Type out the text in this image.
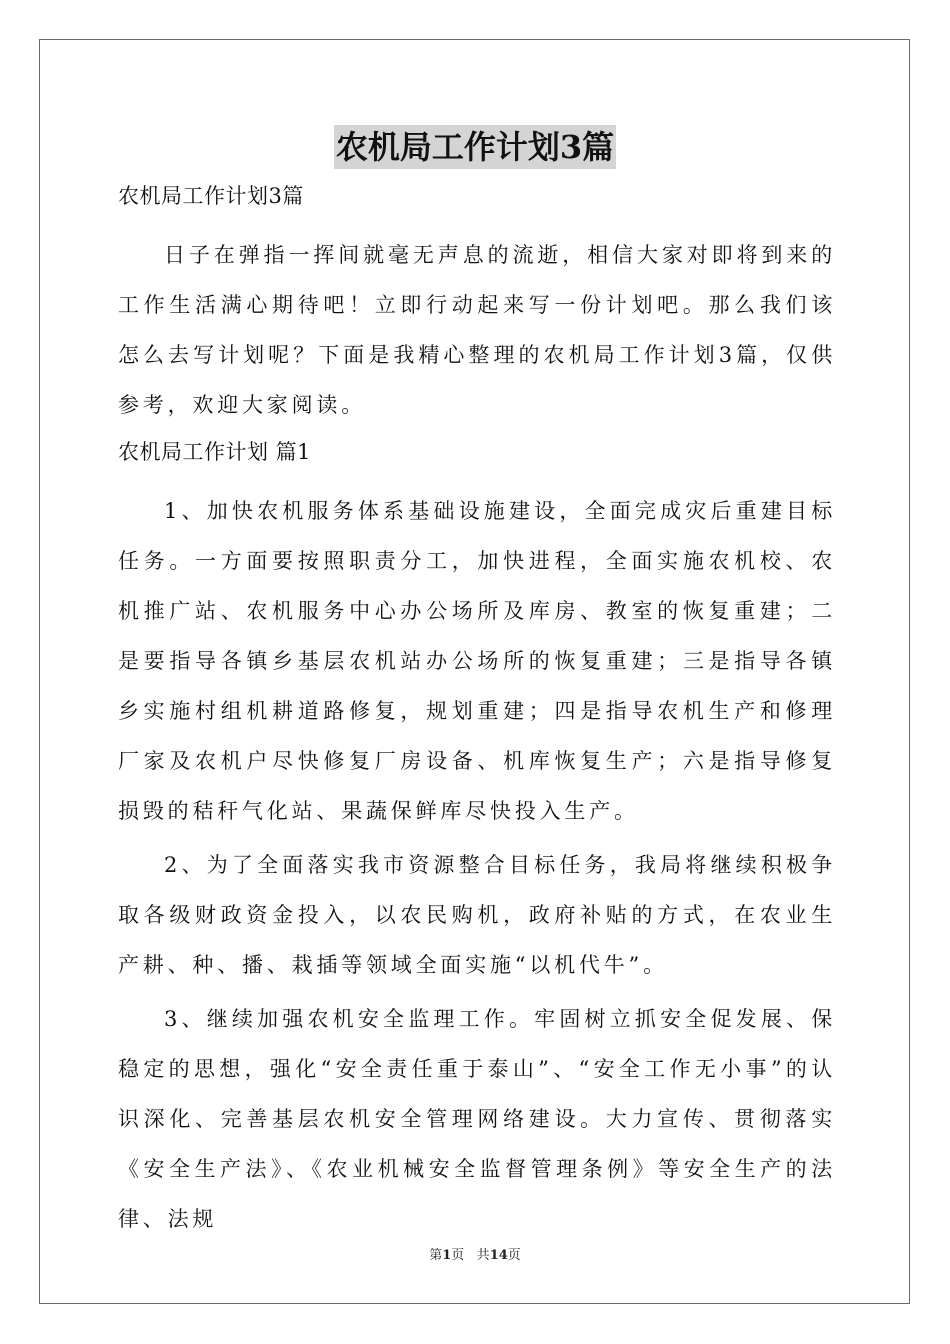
农机局工作计划3篇
农机局工作计划3篇

日子在弹指一挥间就毫无声息的流逝，相信大家对即将到来的工作生活满心期待吧！立即行动起来写一份计划吧。那么我们该怎么去写计划呢？下面是我精心整理的农机局工作计划3篇，仅供参考，欢迎大家阅读。

农机局工作计划 篇1

1、加快农机服务体系基础设施建设，全面完成灾后重建目标任务。一方面要按照职责分工，加快进程，全面实施农机校、农机推广站、农机服务中心办公场所及库房、教室的恢复重建；二是要指导各镇乡基层农机站办公场所的恢复重建；三是指导各镇乡实施村组机耕道路修复，规划重建；四是指导农机生产和修理厂家及农机户尽快修复厂房设备、机库恢复生产；六是指导修复损毁的秸秆气化站、果蔬保鲜库尽快投入生产。

2、为了全面落实我市资源整合目标任务，我局将继续积极争取各级财政资金投入，以农民购机，政府补贴的方式，在农业生产耕、种、播、栽插等领域全面实施“以机代牛”。

3、继续加强农机安全监理工作。牢固树立抓安全促发展、保稳定的思想，强化“安全责任重于泰山”、“安全工作无小事”的认识深化、完善基层农机安全管理网络建设。大力宣传、贯彻落实《安全生产法》、《农业机械安全监督管理条例》等安全生产的法律、法规

第1页 共14页
